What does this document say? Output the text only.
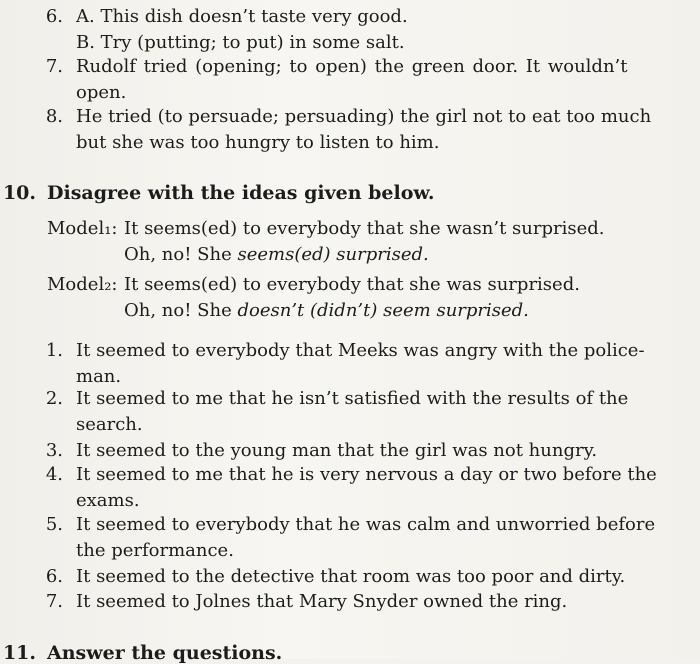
6. A. This dish doesn’t taste very good.
B. Try (putting; to put) in some salt.
7. Rudolf tried (opening; to open) the green door. It wouldn’t
open.
8. He tried (to persuade; persuading) the girl not to eat too much
but she was too hungry to listen to him.
10. Disagree with the ideas given below.
Model₁: It seems(ed) to everybody that she wasn’t surprised.
Oh, no! She seems(ed) surprised.
Model₂: It seems(ed) to everybody that she was surprised.
Oh, no! She doesn’t (didn’t) seem surprised.
1. It seemed to everybody that Meeks was angry with the police-
man.
2. It seemed to me that he isn’t satisfied with the results of the
search.
3. It seemed to the young man that the girl was not hungry.
4. It seemed to me that he is very nervous a day or two before the
exams.
5. It seemed to everybody that he was calm and unworried before
the performance.
6. It seemed to the detective that room was too poor and dirty.
7. It seemed to Jolnes that Mary Snyder owned the ring.
11. Answer the questions.
